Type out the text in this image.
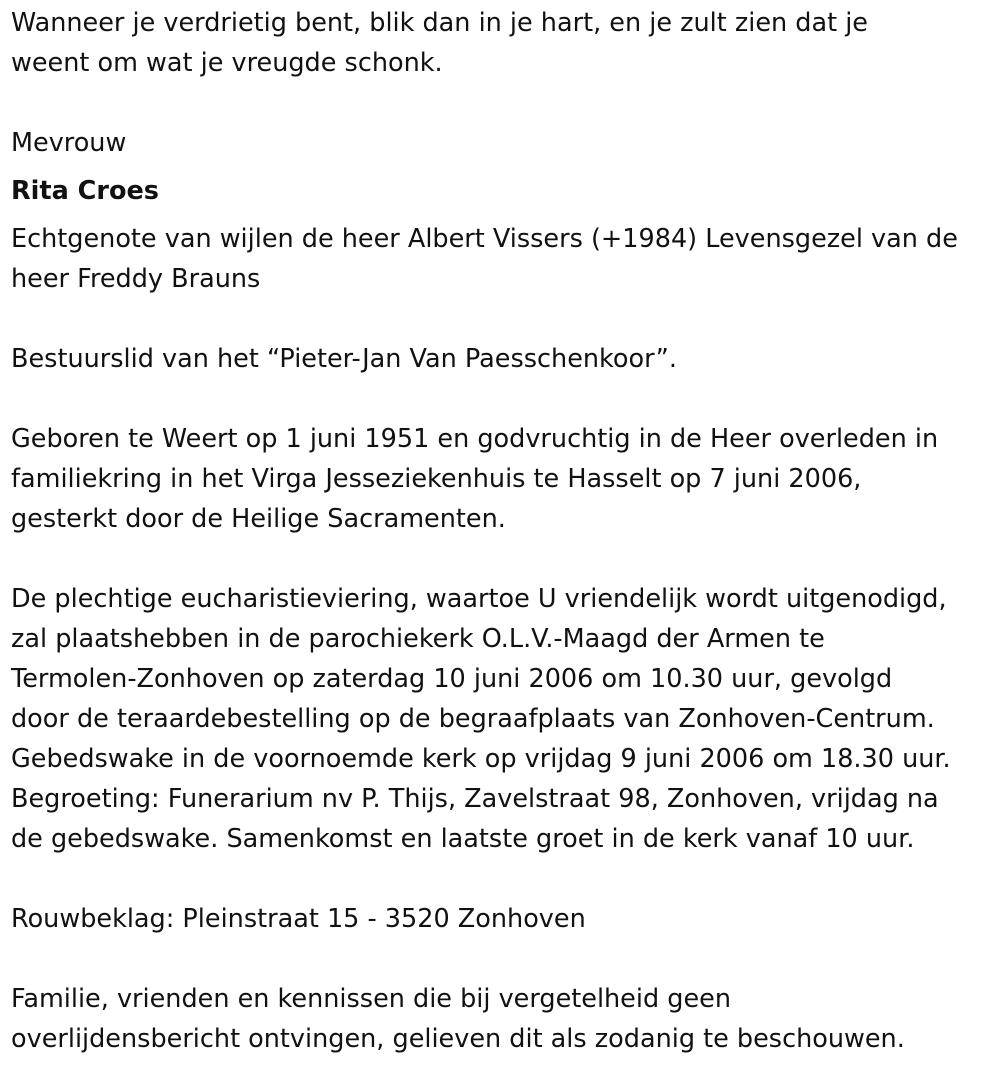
Wanneer je verdrietig bent, blik dan in je hart, en je zult zien dat je
weent om wat je vreugde schonk.

Mevrouw

Rita Croes

Echtgenote van wijlen de heer Albert Vissers (+1984) Levensgezel van de
heer Freddy Brauns

Bestuurslid van het “Pieter-Jan Van Paesschenkoor”.

Geboren te Weert op 1 juni 1951 en godvruchtig in de Heer overleden in
familiekring in het Virga Jesseziekenhuis te Hasselt op 7 juni 2006,
gesterkt door de Heilige Sacramenten.

De plechtige eucharistieviering, waartoe U vriendelijk wordt uitgenodigd,
zal plaatshebben in de parochiekerk O.L.V.-Maagd der Armen te
Termolen-Zonhoven op zaterdag 10 juni 2006 om 10.30 uur, gevolgd
door de teraardebestelling op de begraafplaats van Zonhoven-Centrum.
Gebedswake in de voornoemde kerk op vrijdag 9 juni 2006 om 18.30 uur.
Begroeting: Funerarium nv P. Thijs, Zavelstraat 98, Zonhoven, vrijdag na
de gebedswake. Samenkomst en laatste groet in de kerk vanaf 10 uur.

Rouwbeklag: Pleinstraat 15 - 3520 Zonhoven

Familie, vrienden en kennissen die bij vergetelheid geen
overlijdensbericht ontvingen, gelieven dit als zodanig te beschouwen.
